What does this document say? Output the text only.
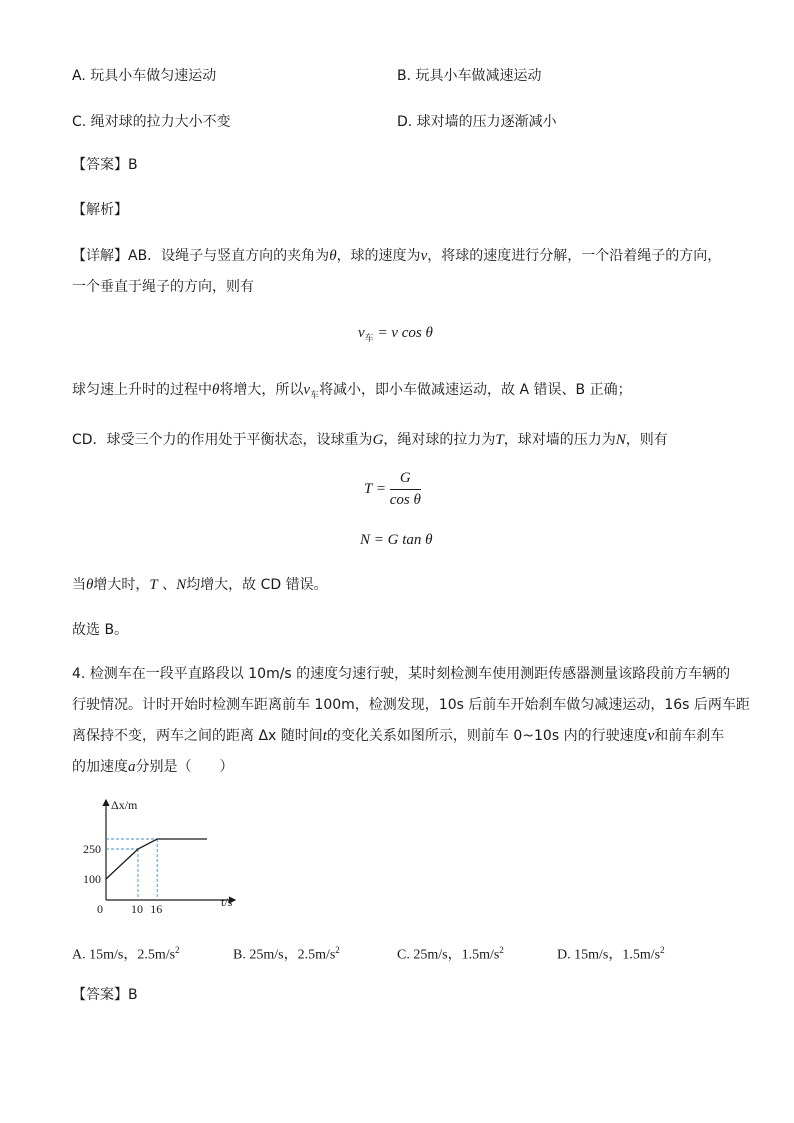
A. 玩具小车做匀速运动	B. 玩具小车做减速运动
C. 绳对球的拉力大小不变	D. 球对墙的压力逐渐减小
【答案】B
【解析】
【详解】AB．设绳子与竖直方向的夹角为θ，球的速度为v，将球的速度进行分解，一个沿着绳子的方向，
一个垂直于绳子的方向，则有
$v_车 = v$ cos θ
球匀速上升时的过程中θ将增大，所以$v_车$将减小，即小车做减速运动，故 A 错误、B 正确；
CD．球受三个力的作用处于平衡状态，设球重为G，绳对球的拉力为T，球对墙的压力为N，则有
$T = \frac{G}{\text{cos θ}}$
N = G tan θ
当θ增大时，T 、N均增大，故 CD 错误。
故选 B。
4. 检测车在一段平直路段以 10m/s 的速度匀速行驶，某时刻检测车使用测距传感器测量该路段前方车辆的
行驶情况。计时开始时检测车距离前车 100m，检测发现，10s 后前车开始刹车做匀减速运动，16s 后两车距
离保持不变，两车之间的距离 Δx 随时间t的变化关系如图所示，则前车 0~10s 内的行驶速度v和前车刹车
的加速度a分别是（　　）
Δx/m
t/s
0
100
250
10 16
A. 15m/s，$2.5m/s^2$	B. 25m/s，$2.5m/s^2$	C. 25m/s，$1.5m/s^2$	D. 15m/s，$1.5m/s^2$
【答案】B
